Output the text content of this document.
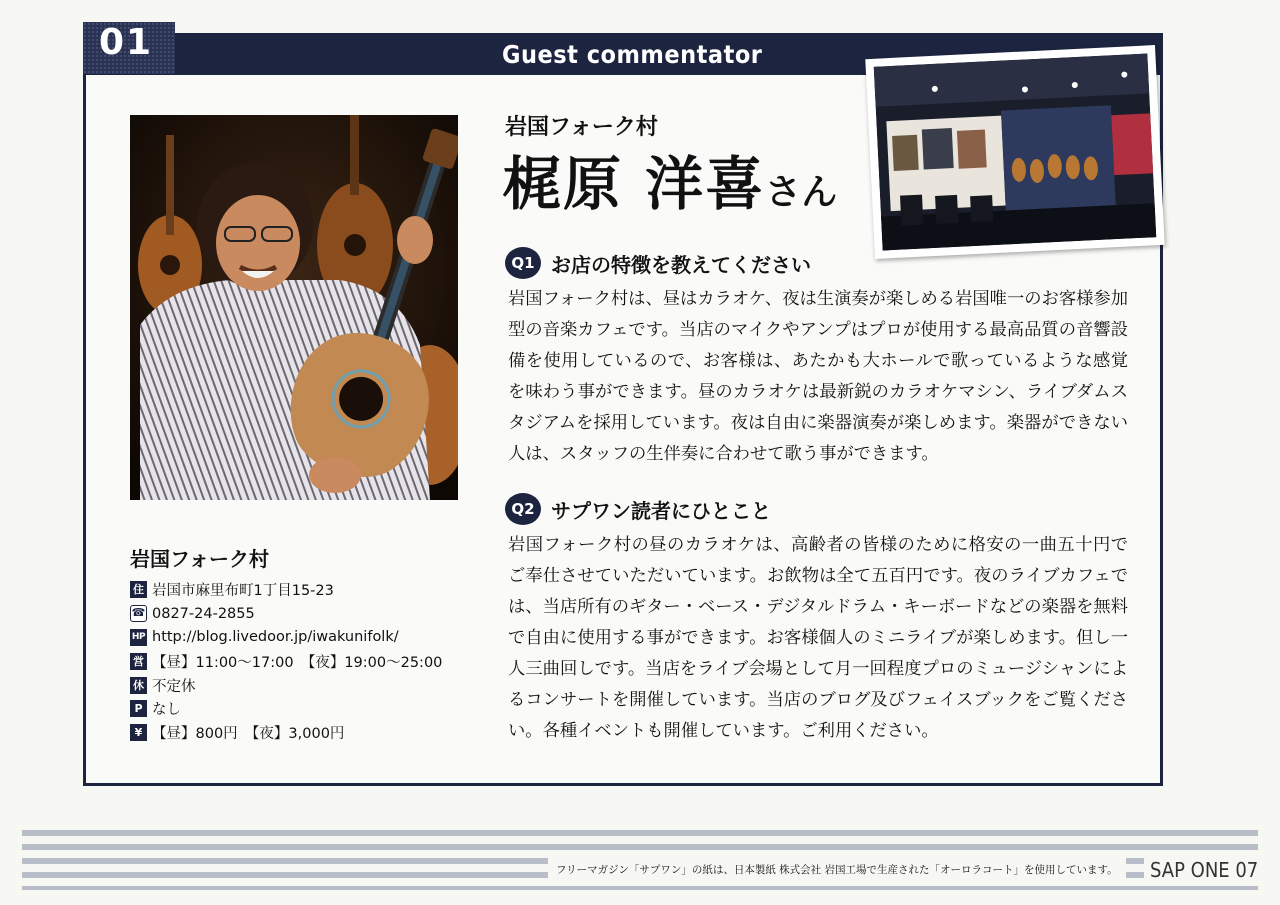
01	Guest commentator
岩国フォーク村
梶原 洋喜さん
Q1 お店の特徴を教えてください
岩国フォーク村は、昼はカラオケ、夜は生演奏が楽しめる岩国唯一のお客様参加型の音楽カフェです。当店のマイクやアンプはプロが使用する最高品質の音響設備を使用しているので、お客様は、あたかも大ホールで歌っているような感覚を味わう事ができます。昼のカラオケは最新鋭のカラオケマシン、ライブダムスタジアムを採用しています。夜は自由に楽器演奏が楽しめます。楽器ができない人は、スタッフの生伴奏に合わせて歌う事ができます。
Q2 サプワン読者にひとこと
岩国フォーク村の昼のカラオケは、高齢者の皆様のために格安の一曲五十円でご奉仕させていただいています。お飲物は全て五百円です。夜のライブカフェでは、当店所有のギター・ベース・デジタルドラム・キーボードなどの楽器を無料で自由に使用する事ができます。お客様個人のミニライブが楽しめます。但し一人三曲回しです。当店をライブ会場として月一回程度プロのミュージシャンによるコンサートを開催しています。当店のブログ及びフェイスブックをご覧ください。各種イベントも開催しています。ご利用ください。
岩国フォーク村
住 岩国市麻里布町1丁目15-23
☎ 0827-24-2855
HP http://blog.livedoor.jp/iwakunifolk/
営 【昼】11:00〜17:00　【夜】19:00〜25:00
休 不定休
P なし
¥ 【昼】800円　【夜】3,000円
フリーマガジン「サプワン」の紙は、日本製紙 株式会社 岩国工場で生産された「オーロラコート」を使用しています。	SAP ONE 07
